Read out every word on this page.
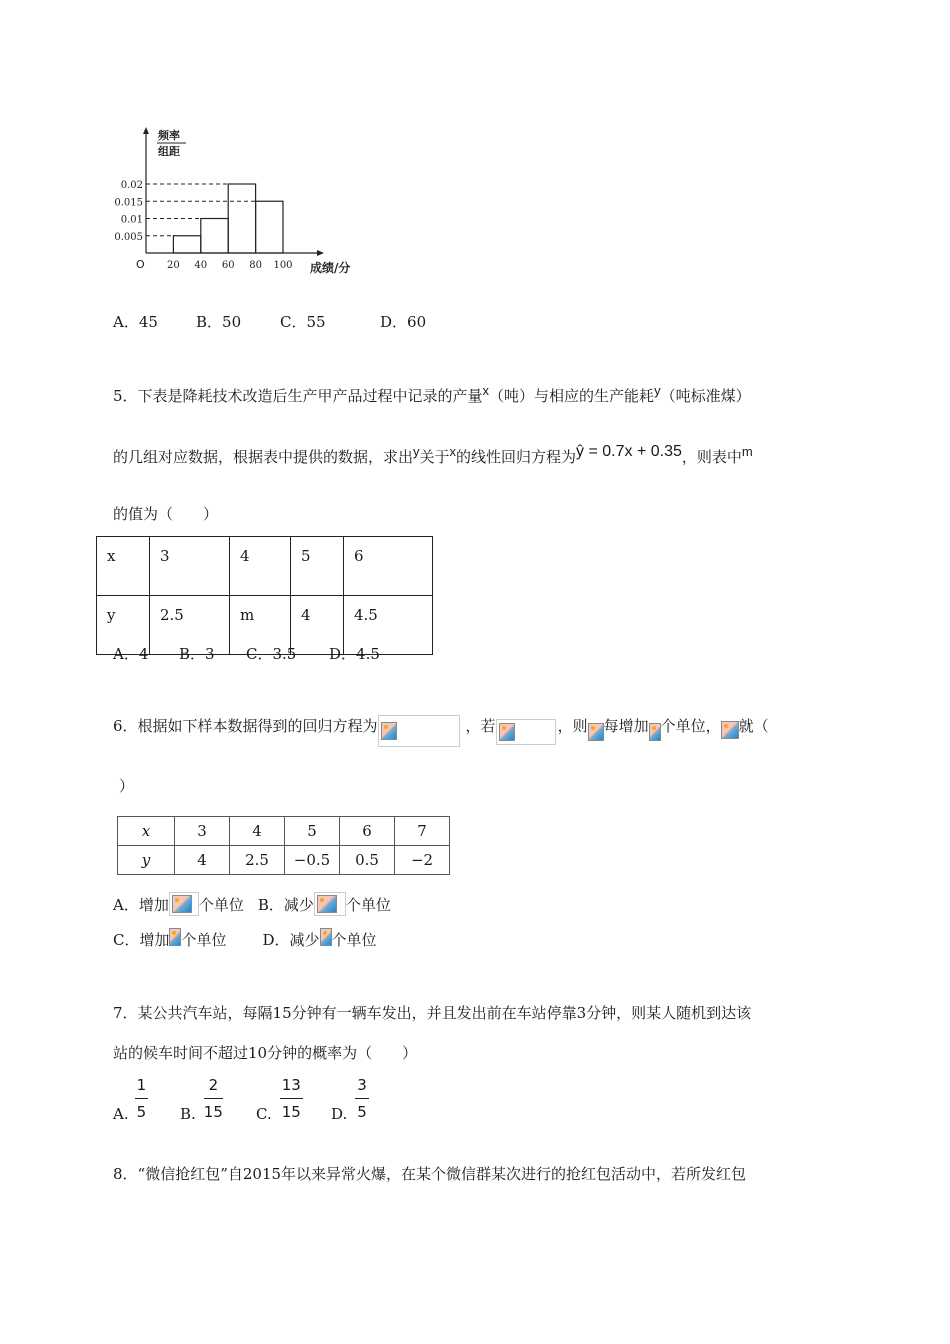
频率
组距
O
0.005
0.01
0.015
0.02
20 40 60 80 100 成绩/分
A．45	B．50	C．55	D．60
5．下表是降耗技术改造后生产甲产品过程中记录的产量$^x$（吨）与相应的生产能耗$^y$（吨标准煤）
的几组对应数据，根据表中提供的数据，求出$^y$关于$^x$的线性回归方程为ŷ = 0.7x + 0.35，则表中$^m$
的值为（　　）
x	3	4	5	6
y	2.5	m	4	4.5
A．4 B．3 C．3.5 D．4.5
6．根据如下样本数据得到的回归方程为	，若	，则 每增加 个单位， 就（
）
x	3	4	5	6	7
y	4	2.5	−0.5	0.5	−2
A．增加 个单位 B．减少 个单位
C．增加 个单位 D．减少 个单位
7．某公共汽车站，每隔15分钟有一辆车发出，并且发出前在车站停靠3分钟，则某人随机到达该
站的候车时间不超过10分钟的概率为（　　）
A. $\frac{1}{5} B$. $\frac{2}{15} C$. $\frac{13}{15} D$. $\frac{3}{5}$
8．“微信抢红包”自2015年以来异常火爆，在某个微信群某次进行的抢红包活动中，若所发红包
